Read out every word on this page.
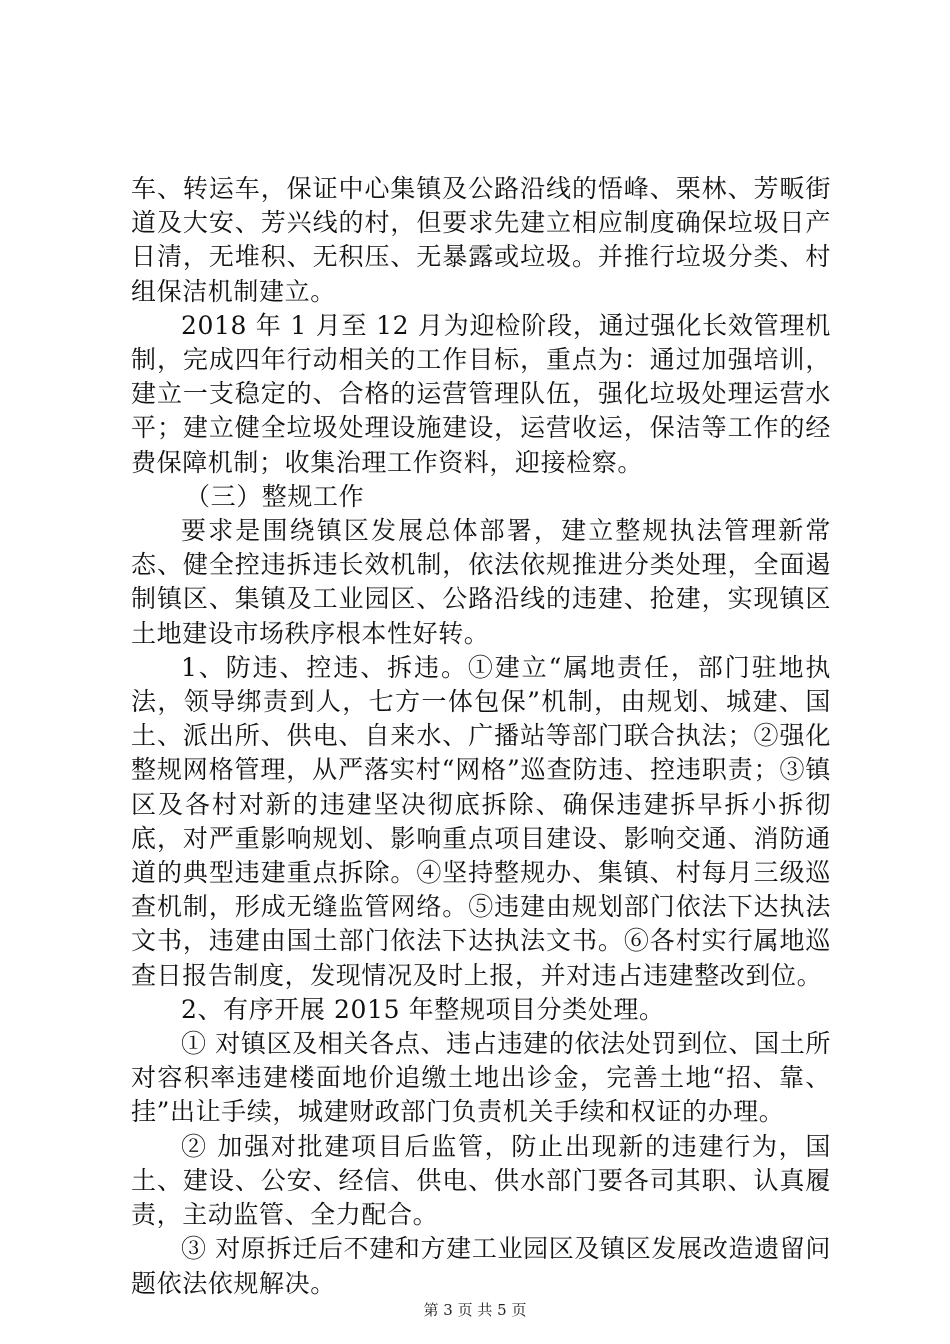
车、转运车，保证中心集镇及公路沿线的悟峰、栗林、芳畈街道及大安、芳兴线的村，但要求先建立相应制度确保垃圾日产日清，无堆积、无积压、无暴露或垃圾。并推行垃圾分类、村组保洁机制建立。

2018 年 1 月至 12 月为迎检阶段，通过强化长效管理机制，完成四年行动相关的工作目标，重点为：通过加强培训，建立一支稳定的、合格的运营管理队伍，强化垃圾处理运营水平；建立健全垃圾处理设施建设，运营收运，保洁等工作的经费保障机制；收集治理工作资料，迎接检察。

（三）整规工作

要求是围绕镇区发展总体部署，建立整规执法管理新常态、健全控违拆违长效机制，依法依规推进分类处理，全面遏制镇区、集镇及工业园区、公路沿线的违建、抢建，实现镇区土地建设市场秩序根本性好转。

1、防违、控违、拆违。①建立“属地责任，部门驻地执法，领导绑责到人，七方一体包保”机制，由规划、城建、国土、派出所、供电、自来水、广播站等部门联合执法；②强化整规网格管理，从严落实村“网格”巡查防违、控违职责；③镇区及各村对新的违建坚决彻底拆除、确保违建拆早拆小拆彻底，对严重影响规划、影响重点项目建设、影响交通、消防通道的典型违建重点拆除。④坚持整规办、集镇、村每月三级巡查机制，形成无缝监管网络。⑤违建由规划部门依法下达执法文书，违建由国土部门依法下达执法文书。⑥各村实行属地巡查日报告制度，发现情况及时上报，并对违占违建整改到位。

2、有序开展 2015 年整规项目分类处理。

① 对镇区及相关各点、违占违建的依法处罚到位、国土所对容积率违建楼面地价追缴土地出诊金，完善土地“招、靠、挂”出让手续，城建财政部门负责机关手续和权证的办理。

② 加强对批建项目后监管，防止出现新的违建行为，国土、建设、公安、经信、供电、供水部门要各司其职、认真履责，主动监管、全力配合。

③ 对原拆迁后不建和方建工业园区及镇区发展改造遗留问题依法依规解决。

第 3 页 共 5 页
